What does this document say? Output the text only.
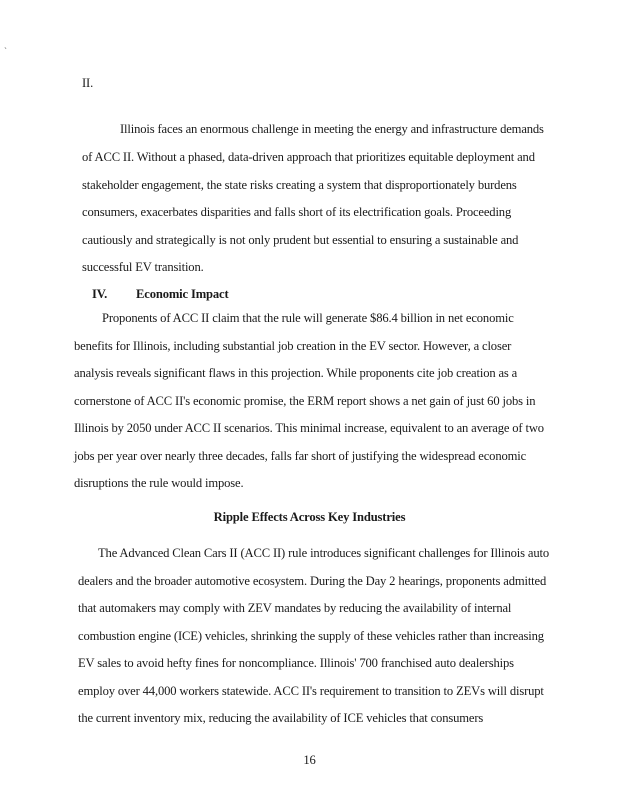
`
II.
Illinois faces an enormous challenge in meeting the energy and infrastructure demands
of ACC II. Without a phased, data-driven approach that prioritizes equitable deployment and
stakeholder engagement, the state risks creating a system that disproportionately burdens
consumers, exacerbates disparities and falls short of its electrification goals. Proceeding
cautiously and strategically is not only prudent but essential to ensuring a sustainable and
successful EV transition.
IV. Economic Impact
Proponents of ACC II claim that the rule will generate $86.4 billion in net economic
benefits for Illinois, including substantial job creation in the EV sector. However, a closer
analysis reveals significant flaws in this projection. While proponents cite job creation as a
cornerstone of ACC II's economic promise, the ERM report shows a net gain of just 60 jobs in
Illinois by 2050 under ACC II scenarios. This minimal increase, equivalent to an average of two
jobs per year over nearly three decades, falls far short of justifying the widespread economic
disruptions the rule would impose.
Ripple Effects Across Key Industries
The Advanced Clean Cars II (ACC II) rule introduces significant challenges for Illinois auto
dealers and the broader automotive ecosystem. During the Day 2 hearings, proponents admitted
that automakers may comply with ZEV mandates by reducing the availability of internal
combustion engine (ICE) vehicles, shrinking the supply of these vehicles rather than increasing
EV sales to avoid hefty fines for noncompliance. Illinois' 700 franchised auto dealerships
employ over 44,000 workers statewide. ACC II's requirement to transition to ZEVs will disrupt
the current inventory mix, reducing the availability of ICE vehicles that consumers
16
